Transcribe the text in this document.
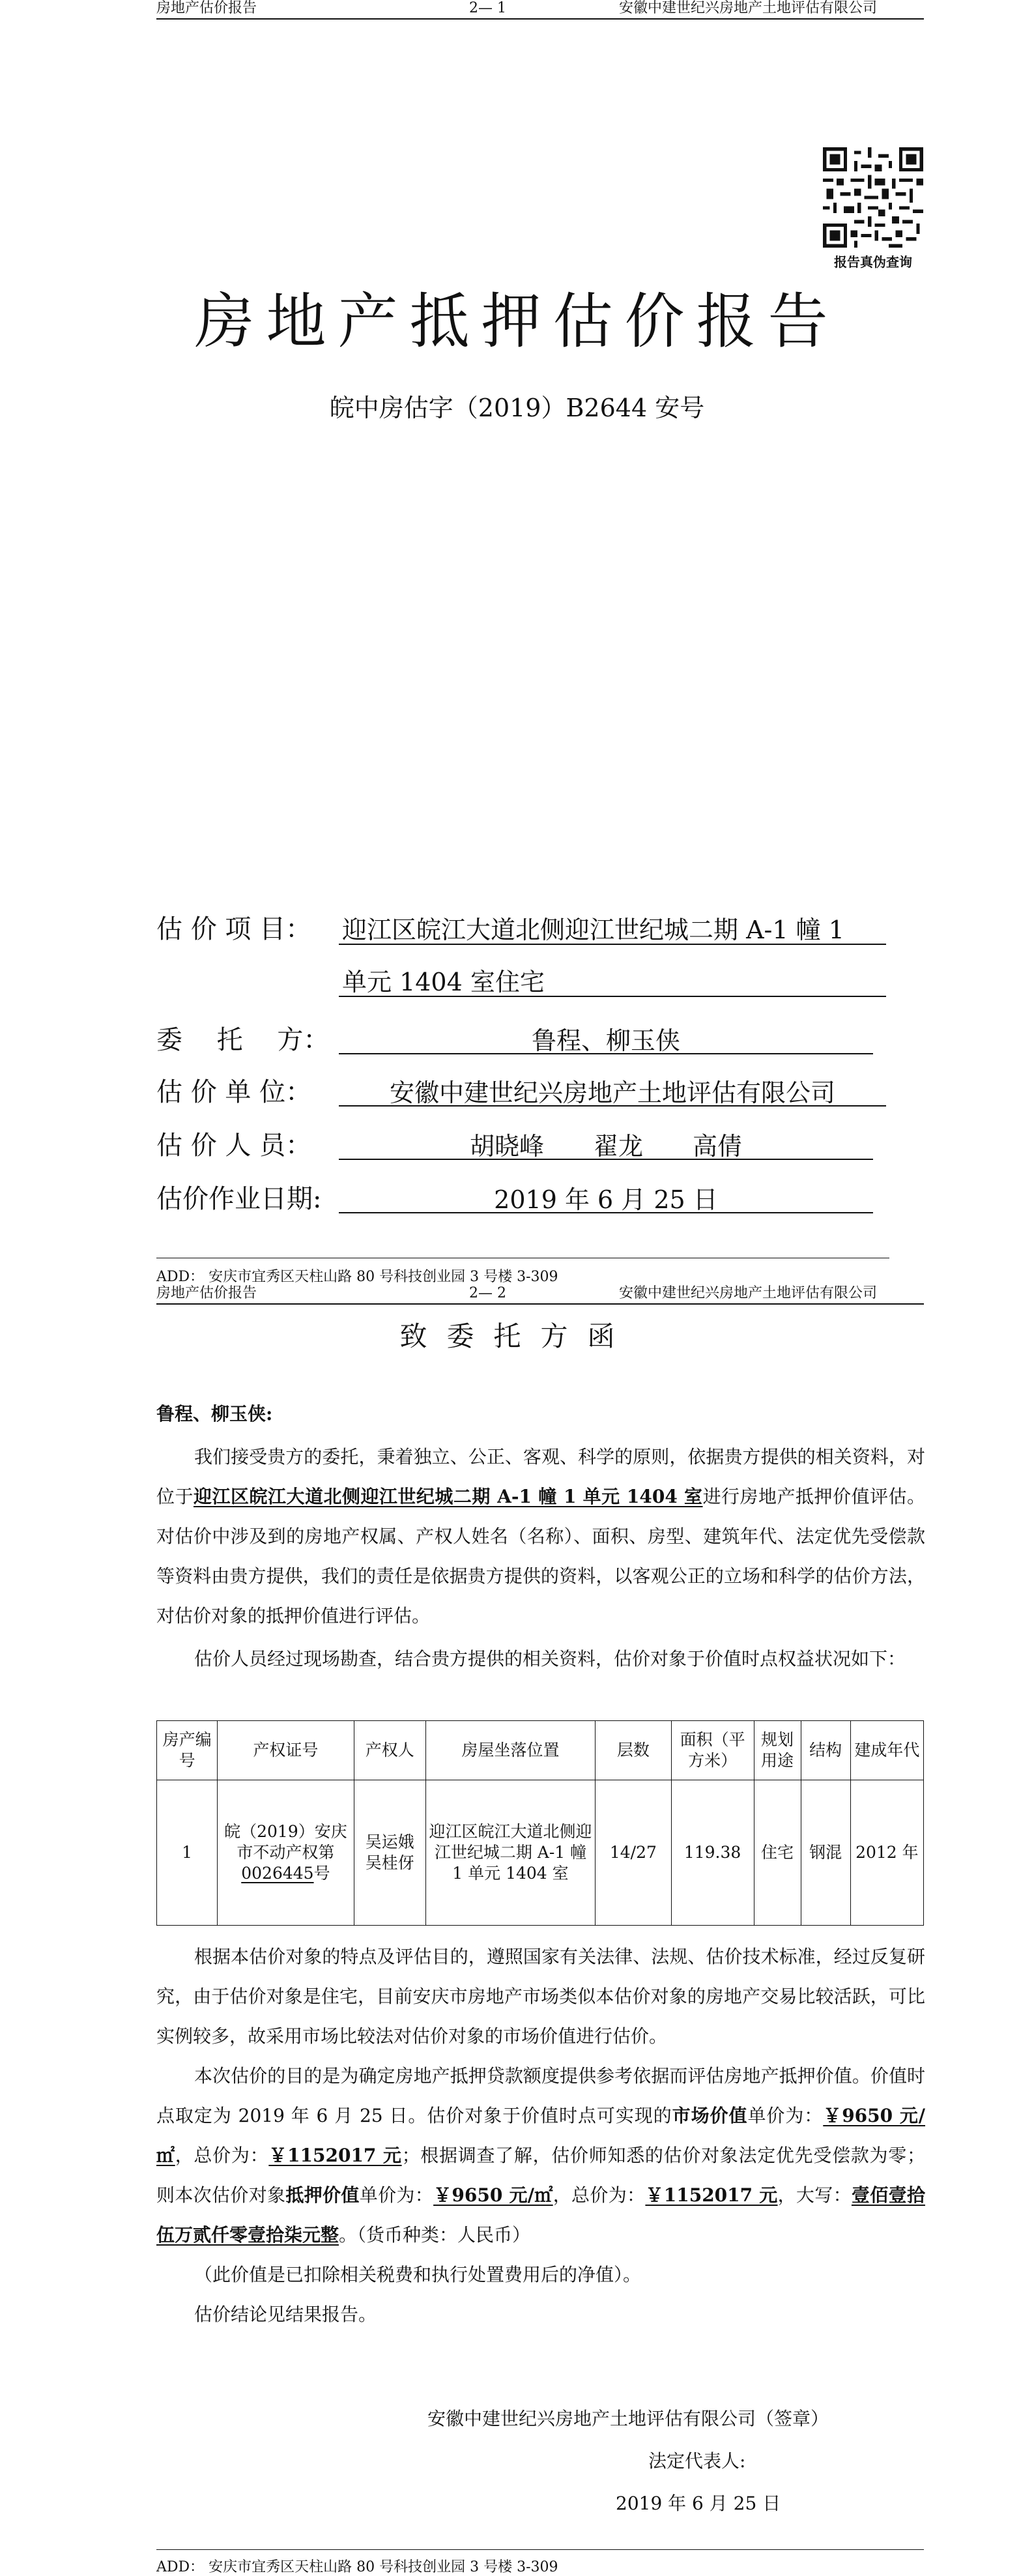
房地产估价报告	2— 1	安徽中建世纪兴房地产土地评估有限公司
报告真伪查询
房地产抵押估价报告
皖中房估字（2019）B2644 安号
估 价 项 目： 迎江区皖江大道北侧迎江世纪城二期 A-1 幢 1
单元 1404 室住宅
委　 托　 方：	鲁程、柳玉侠
估 价 单 位：	安徽中建世纪兴房地产土地评估有限公司
估 价 人 员：	胡晓峰　　翟龙　　高倩
估价作业日期:	2019 年 6 月 25 日
ADD： 安庆市宜秀区天柱山路 80 号科技创业园 3 号楼 3-309
房地产估价报告	2— 2	安徽中建世纪兴房地产土地评估有限公司
致委托方函
鲁程、柳玉侠:
我们接受贵方的委托，秉着独立、公正、客观、科学的原则，依据贵方提供的相关资料，对位于迎江区皖江大道北侧迎江世纪城二期 A-1 幢 1 单元 1404 室进行房地产抵押价值评估。对估价中涉及到的房地产权属、产权人姓名（名称）、面积、房型、建筑年代、法定优先受偿款等资料由贵方提供，我们的责任是依据贵方提供的资料，以客观公正的立场和科学的估价方法，对估价对象的抵押价值进行评估。
估价人员经过现场勘查，结合贵方提供的相关资料，估价对象于价值时点权益状况如下：
房产编号	产权证号	产权人	房屋坐落位置	层数	面积（平方米）	规划用途	结构	建成年代
1	皖（2019）安庆市不动产权第0026445号	吴运娥 吴桂伢	迎江区皖江大道北侧迎江世纪城二期 A-1 幢 1 单元 1404 室	14/27	119.38	住宅	钢混	2012 年
根据本估价对象的特点及评估目的，遵照国家有关法律、法规、估价技术标准，经过反复研究，由于估价对象是住宅，目前安庆市房地产市场类似本估价对象的房地产交易比较活跃，可比实例较多，故采用市场比较法对估价对象的市场价值进行估价。
本次估价的目的是为确定房地产抵押贷款额度提供参考依据而评估房地产抵押价值。价值时点取定为 2019 年 6 月 25 日。估价对象于价值时点可实现的市场价值单价为：￥9650 元/㎡，总价为：￥1152017 元；根据调查了解，估价师知悉的估价对象法定优先受偿款为零；则本次估价对象抵押价值单价为：￥9650 元/㎡，总价为：￥1152017 元，大写：壹佰壹拾伍万贰仟零壹拾柒元整。（货币种类：人民币）
（此价值是已扣除相关税费和执行处置费用后的净值）。
估价结论见结果报告。
安徽中建世纪兴房地产土地评估有限公司（签章）
法定代表人:
2019 年 6 月 25 日
ADD： 安庆市宜秀区天柱山路 80 号科技创业园 3 号楼 3-309
